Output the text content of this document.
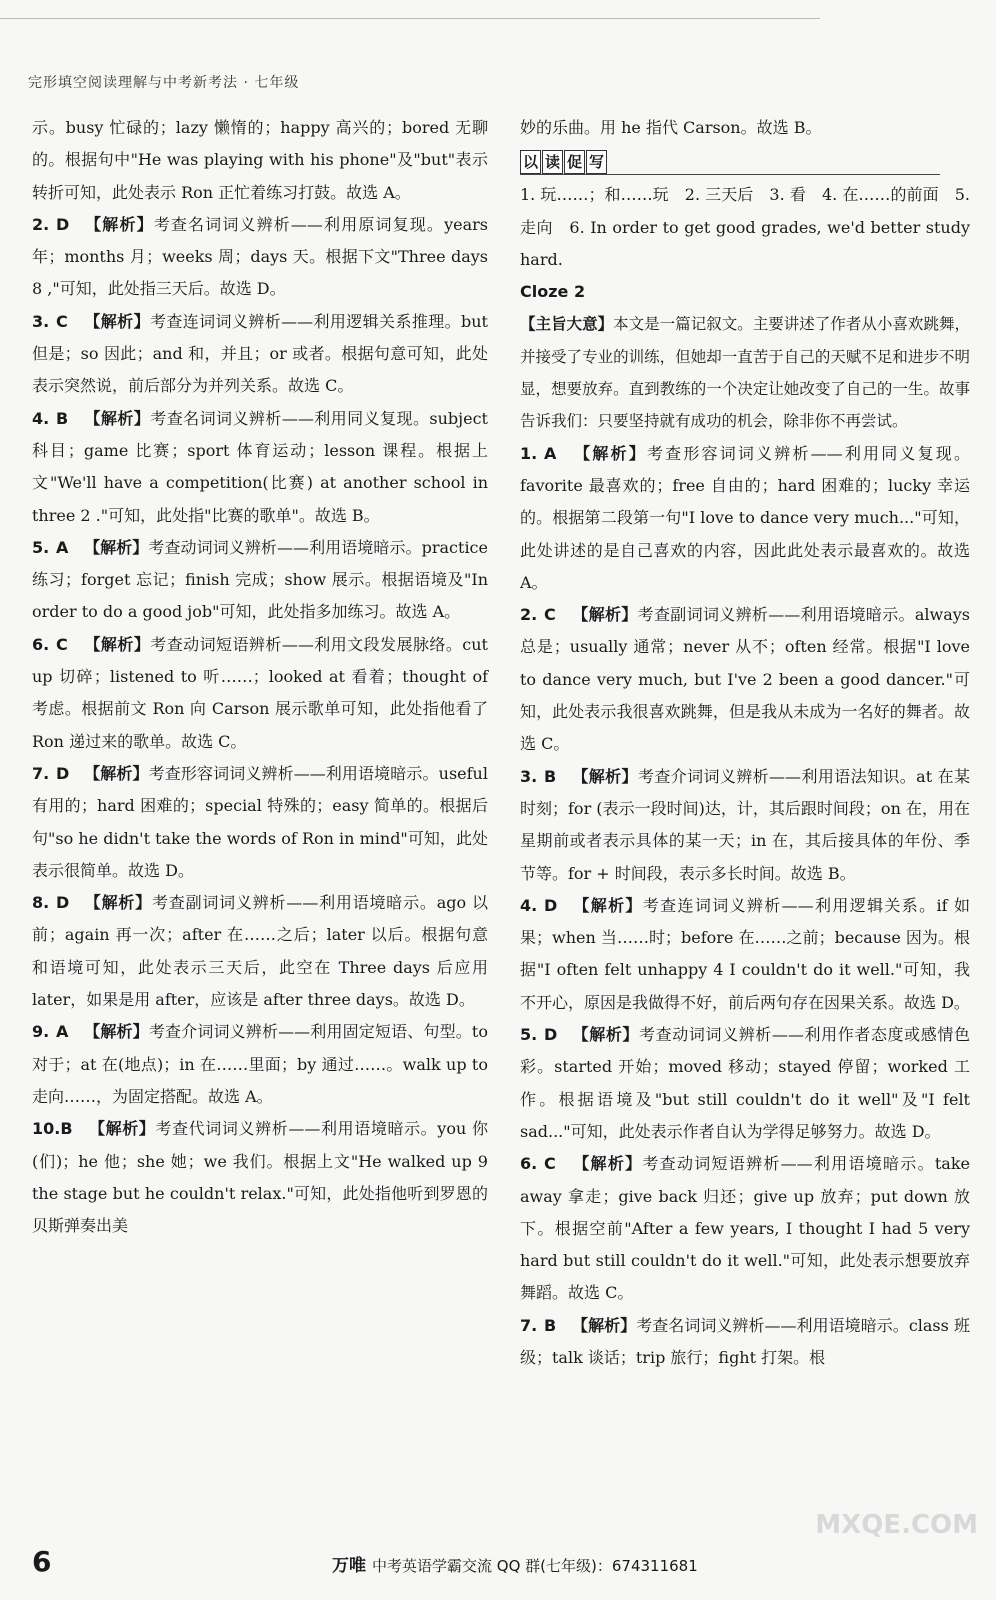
完形填空阅读理解与中考新考法 · 七年级

示。busy 忙碌的；lazy 懒惰的；happy 高兴的；bored 无聊的。根据句中"He was playing with his phone"及"but"表示转折可知，此处表示 Ron 正忙着练习打鼓。故选 A。

2. D 【解析】考查名词词义辨析——利用原词复现。years 年；months 月；weeks 周；days 天。根据下文"Three days 8 ,"可知，此处指三天后。故选 D。

3. C 【解析】考查连词词义辨析——利用逻辑关系推理。but 但是；so 因此；and 和，并且；or 或者。根据句意可知，此处表示突然说，前后部分为并列关系。故选 C。

4. B 【解析】考查名词词义辨析——利用同义复现。subject 科目；game 比赛；sport 体育运动；lesson 课程。根据上文"We'll have a competition(比赛) at another school in three 2 ."可知，此处指"比赛的歌单"。故选 B。

5. A 【解析】考查动词词义辨析——利用语境暗示。practice 练习；forget 忘记；finish 完成；show 展示。根据语境及"In order to do a good job"可知，此处指多加练习。故选 A。

6. C 【解析】考查动词短语辨析——利用文段发展脉络。cut up 切碎；listened to 听……；looked at 看着；thought of 考虑。根据前文 Ron 向 Carson 展示歌单可知，此处指他看了 Ron 递过来的歌单。故选 C。

7. D 【解析】考查形容词词义辨析——利用语境暗示。useful 有用的；hard 困难的；special 特殊的；easy 简单的。根据后句"so he didn't take the words of Ron in mind"可知，此处表示很简单。故选 D。

8. D 【解析】考查副词词义辨析——利用语境暗示。ago 以前；again 再一次；after 在……之后；later 以后。根据句意和语境可知，此处表示三天后，此空在 Three days 后应用 later，如果是用 after，应该是 after three days。故选 D。

9. A 【解析】考查介词词义辨析——利用固定短语、句型。to 对于；at 在(地点)；in 在……里面；by 通过……。walk up to 走向……，为固定搭配。故选 A。

10.B 【解析】考查代词词义辨析——利用语境暗示。you 你(们)；he 他；she 她；we 我们。根据上文"He walked up 9 the stage but he couldn't relax."可知，此处指他听到罗恩的贝斯弹奏出美

妙的乐曲。用 he 指代 Carson。故选 B。

以 读 促 写

1. 玩……；和……玩　2. 三天后　3. 看　4. 在……的前面　5. 走向　6. In order to get good grades, we'd better study hard.

Cloze 2

【主旨大意】本文是一篇记叙文。主要讲述了作者从小喜欢跳舞，并接受了专业的训练，但她却一直苦于自己的天赋不足和进步不明显，想要放弃。直到教练的一个决定让她改变了自己的一生。故事告诉我们：只要坚持就有成功的机会，除非你不再尝试。

1. A 【解析】考查形容词词义辨析——利用同义复现。favorite 最喜欢的；free 自由的；hard 困难的；lucky 幸运的。根据第二段第一句"I love to dance very much..."可知，此处讲述的是自己喜欢的内容，因此此处表示最喜欢的。故选 A。

2. C 【解析】考查副词词义辨析——利用语境暗示。always 总是；usually 通常；never 从不；often 经常。根据"I love to dance very much, but I've 2 been a good dancer."可知，此处表示我很喜欢跳舞，但是我从未成为一名好的舞者。故选 C。

3. B 【解析】考查介词词义辨析——利用语法知识。at 在某时刻；for (表示一段时间)达，计，其后跟时间段；on 在，用在星期前或者表示具体的某一天；in 在，其后接具体的年份、季节等。for + 时间段，表示多长时间。故选 B。

4. D 【解析】考查连词词义辨析——利用逻辑关系。if 如果；when 当……时；before 在……之前；because 因为。根据"I often felt unhappy 4 I couldn't do it well."可知，我不开心，原因是我做得不好，前后两句存在因果关系。故选 D。

5. D 【解析】考查动词词义辨析——利用作者态度或感情色彩。started 开始；moved 移动；stayed 停留；worked 工作。根据语境及"but still couldn't do it well"及"I felt sad..."可知，此处表示作者自认为学得足够努力。故选 D。

6. C 【解析】考查动词短语辨析——利用语境暗示。take away 拿走；give back 归还；give up 放弃；put down 放下。根据空前"After a few years, I thought I had 5 very hard but still couldn't do it well."可知，此处表示想要放弃舞蹈。故选 C。

7. B 【解析】考查名词词义辨析——利用语境暗示。class 班级；talk 谈话；trip 旅行；fight 打架。根

6	万唯 中考英语学霸交流 QQ 群(七年级)：674311681
MXQE.COM
